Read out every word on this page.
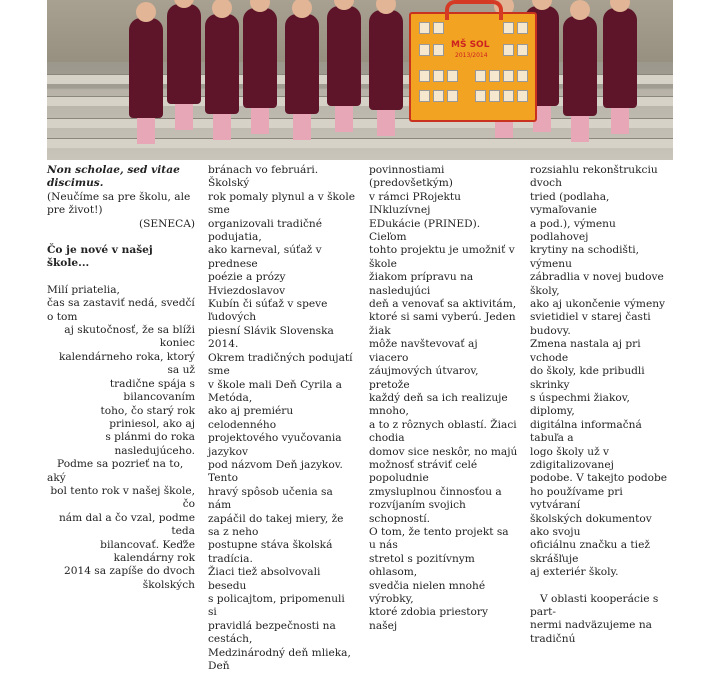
MŠ SOL
2013/2014

Non scholae, sed vitae discimus.

(Neučíme sa pre školu, ale pre život!)

(SENECA)

Čo je nové v našej škole...

Milí priatelia,

čas sa zastaviť nedá, svedčí o tom
aj skutočnosť, že sa blíži koniec
kalendárneho roka, ktorý sa už
tradične spája s bilancovaním
toho, čo starý rok priniesol, ako aj
s plánmi do roka nasledujúceho.

Podme sa pozrieť na to, aký
bol tento rok v našej škole, čo
nám dal a čo vzal, podme teda
bilancovať. Keďže kalendárny rok
2014 sa zapíše do dvoch školských

bránach vo februári. Školský
rok pomaly plynul a v škole sme
organizovali tradičné podujatia,
ako karneval, súťaž v prednese
poézie a prózy Hviezdoslavov
Kubín či súťaž v speve ľudových
piesní Slávik Slovenska 2014.
Okrem tradičných podujatí sme
v škole mali Deň Cyrila a Metóda,
ako aj premiéru celodenného
projektového vyučovania jazykov
pod názvom Deň jazykov. Tento
hravý spôsob učenia sa nám
zapáčil do takej miery, že sa z neho
postupne stáva školská tradícia.
Žiaci tiež absolvovali besedu
s policajtom, pripomenuli si
pravidlá bezpečnosti na cestách,
Medzinárodný deň mlieka, Deň
povinnostiami (predovšetkým)
v rámci PRojektu INkluzívnej
EDukácie (PRINED). Cieľom
tohto projektu je umožniť v škole
žiakom prípravu na nasledujúci
deň a venovať sa aktivitám,
ktoré si sami vyberú. Jeden žiak
môže navštevovať aj viacero
záujmových útvarov, pretože
každý deň sa ich realizuje mnoho,
a to z rôznych oblastí. Žiaci chodia
domov sice neskôr, no majú
možnosť stráviť celé popoludnie
zmysluplnou činnosťou a
rozvíjaním svojich schopností.
O tom, že tento projekt sa u nás
stretol s pozitívnym ohlasom,
svedčia nielen mnohé výrobky,
ktoré zdobia priestory našej
rozsiahlu rekonštrukciu dvoch
tried (podlaha, vymaľovanie
a pod.), výmenu podlahovej
krytiny na schodišti, výmenu
zábradlia v novej budove školy,
ako aj ukončenie výmeny
svietidiel v starej časti budovy.
Zmena nastala aj pri vchode
do školy, kde pribudli skrinky
s úspechmi žiakov, diplomy,
digitálna informačná tabuľa a
logo školy už v zdigitalizovanej
podobe. V takejto podobe
ho používame pri vytváraní
školských dokumentov ako svoju
oficiálnu značku a tiež skrášľuje
aj exteriér školy.
V oblasti kooperácie s part-
nermi nadväzujeme na tradičnú
